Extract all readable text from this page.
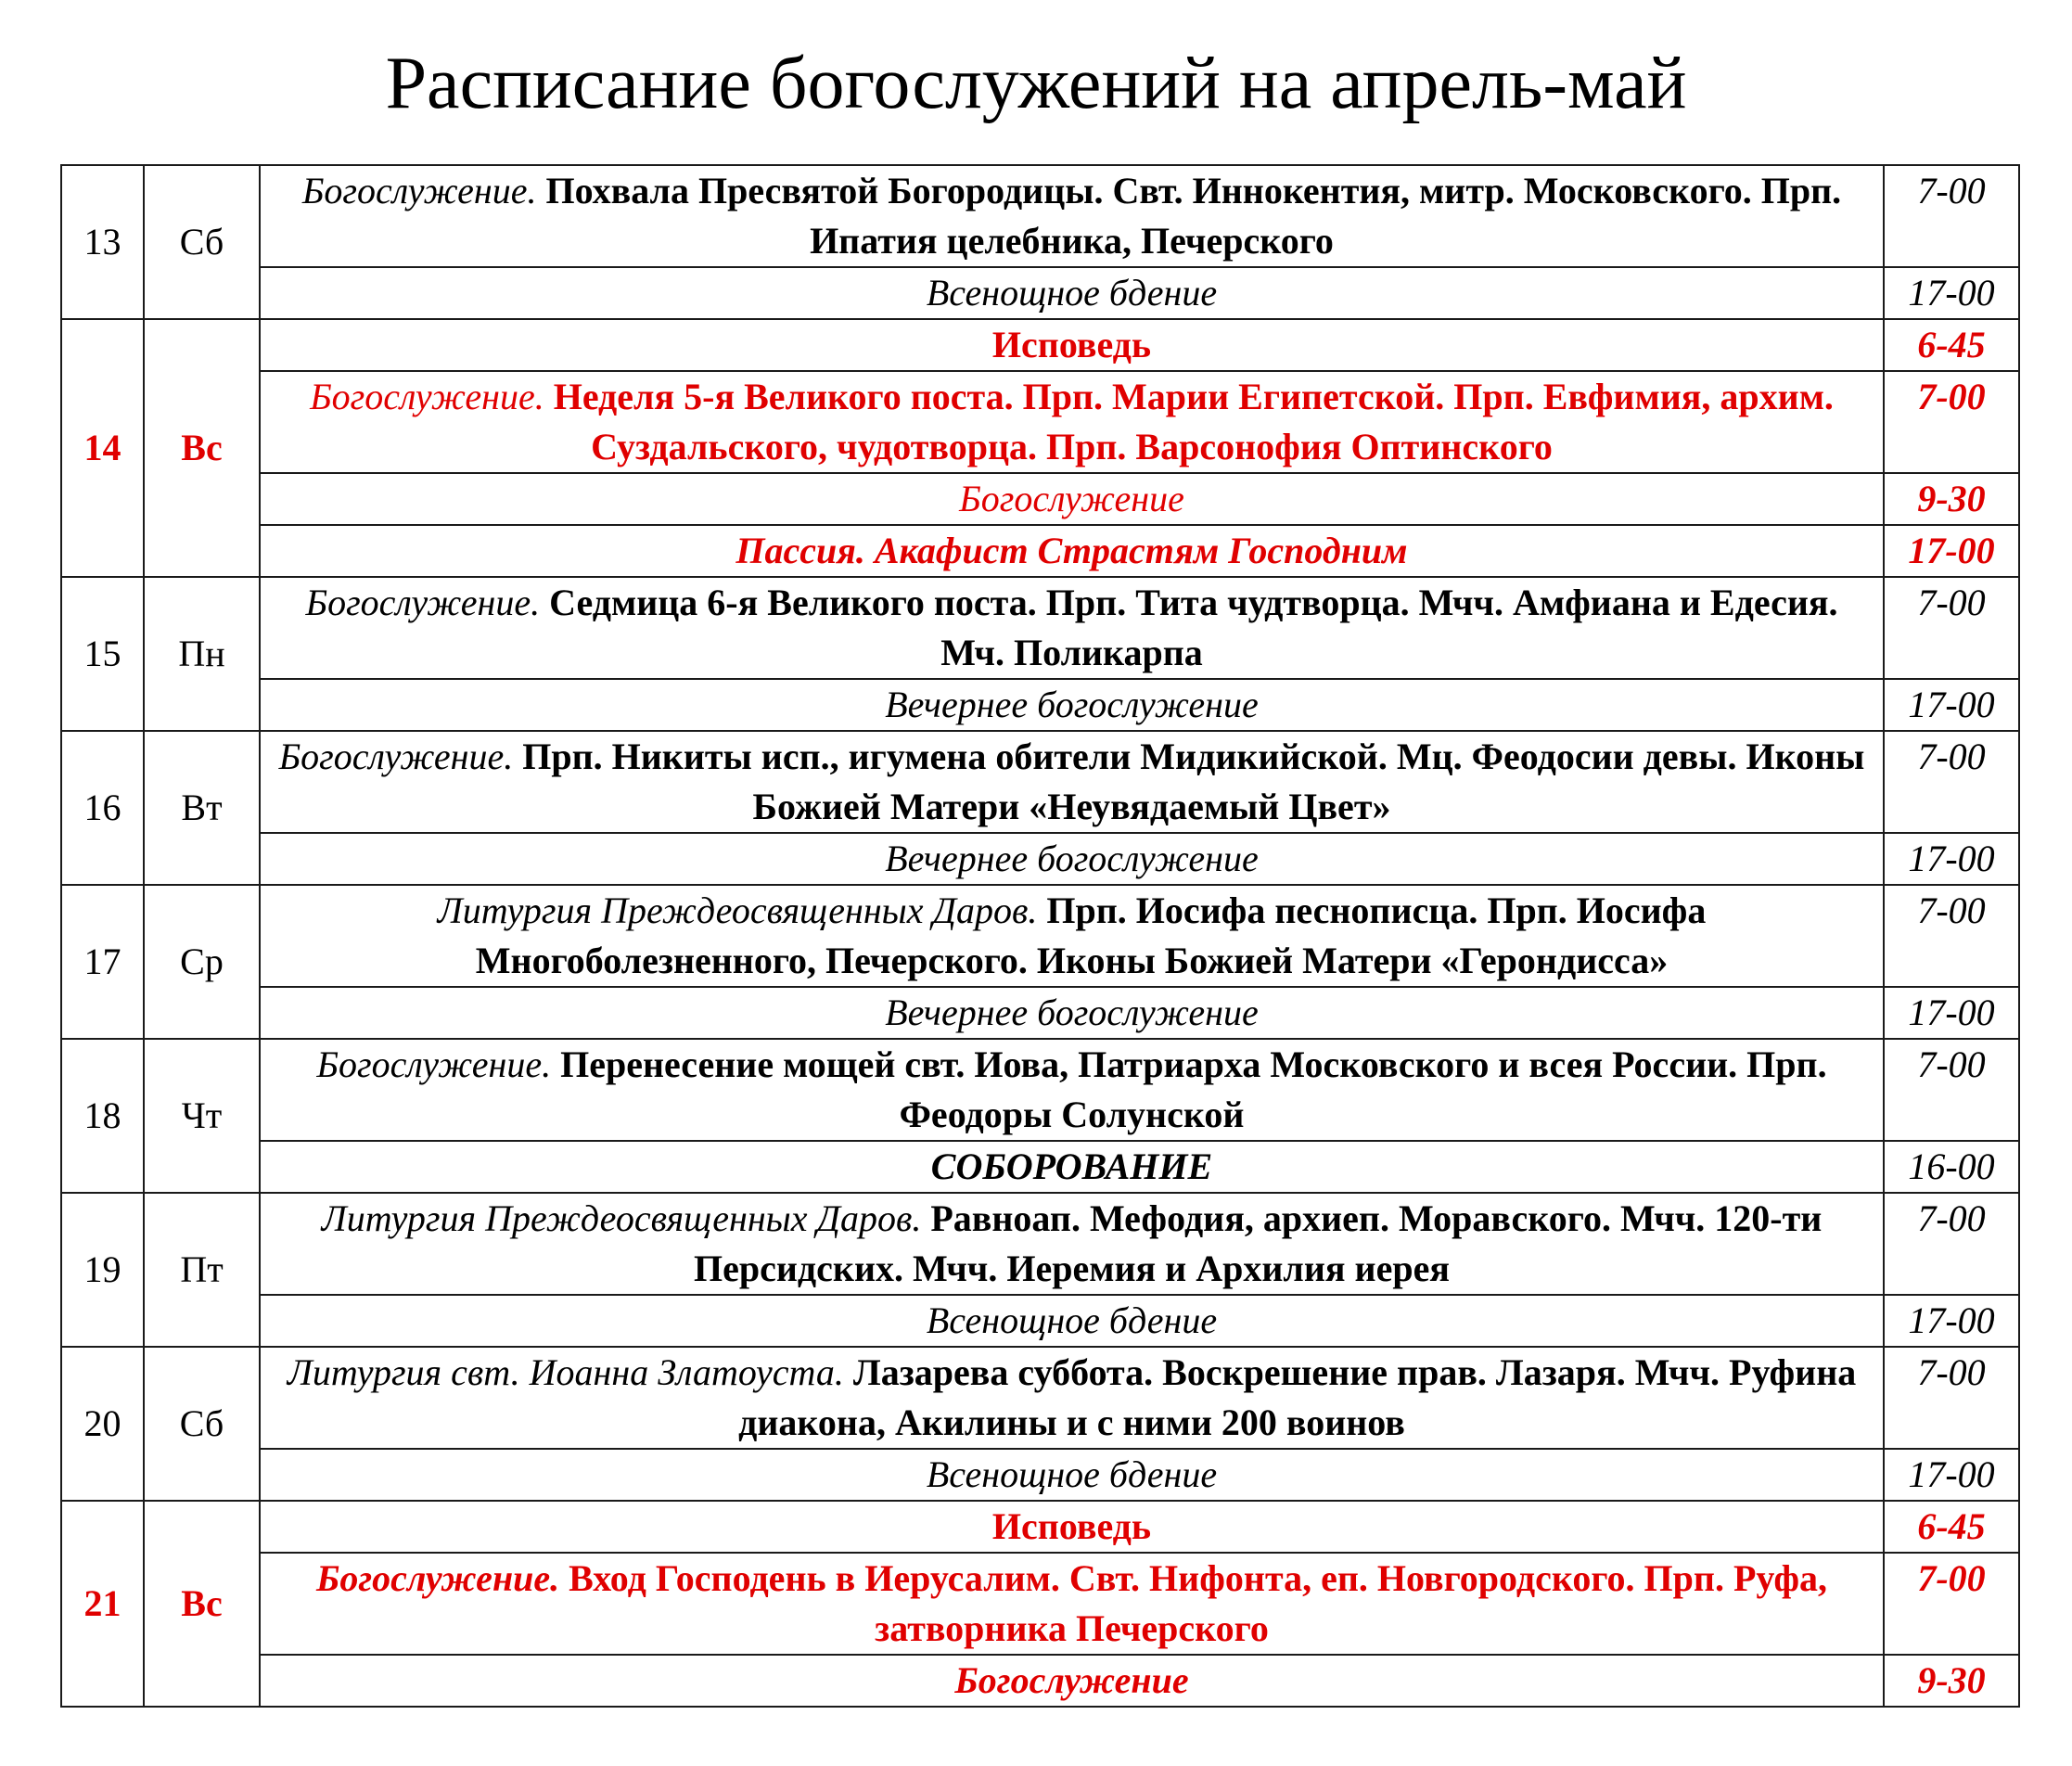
Расписание богослужений на апрель-май
13	Сб	Богослужение. Похвала Пресвятой Богородицы. Свт. Иннокентия, митр. Московского. Прп. Ипатия целебника, Печерского	7-00
		Всенощное бдение	17-00
14	Вс	Исповедь	6-45
		Богослужение. Неделя 5-я Великого поста. Прп. Марии Египетской. Прп. Евфимия, архим. Суздальского, чудотворца. Прп. Варсонофия Оптинского	7-00
		Богослужение	9-30
		Пассия. Акафист Страстям Господним	17-00
15	Пн	Богослужение. Седмица 6-я Великого поста. Прп. Тита чудтворца. Мчч. Амфиана и Едесия. Мч. Поликарпа	7-00
		Вечернее богослужение	17-00
16	Вт	Богослужение. Прп. Никиты исп., игумена обители Мидикийской. Мц. Феодосии девы. Иконы Божией Матери «Неувядаемый Цвет»	7-00
		Вечернее богослужение	17-00
17	Ср	Литургия Преждеосвященных Даров. Прп. Иосифа песнописца. Прп. Иосифа Многоболезненного, Печерского. Иконы Божией Матери «Герондисса»	7-00
		Вечернее богослужение	17-00
18	Чт	Богослужение. Перенесение мощей свт. Иова, Патриарха Московского и всея России. Прп. Феодоры Солунской	7-00
		СОБОРОВАНИЕ	16-00
19	Пт	Литургия Преждеосвященных Даров. Равноап. Мефодия, архиеп. Моравского. Мчч. 120-ти Персидских. Мчч. Иеремия и Архилия иерея	7-00
		Всенощное бдение	17-00
20	Сб	Литургия свт. Иоанна Златоуста. Лазарева суббота. Воскрешение прав. Лазаря. Мчч. Руфина диакона, Акилины и с ними 200 воинов	7-00
		Всенощное бдение	17-00
21	Вс	Исповедь	6-45
		Богослужение. Вход Господень в Иерусалим. Свт. Нифонта, еп. Новгородского. Прп. Руфа, затворника Печерского	7-00
		Богослужение	9-30
